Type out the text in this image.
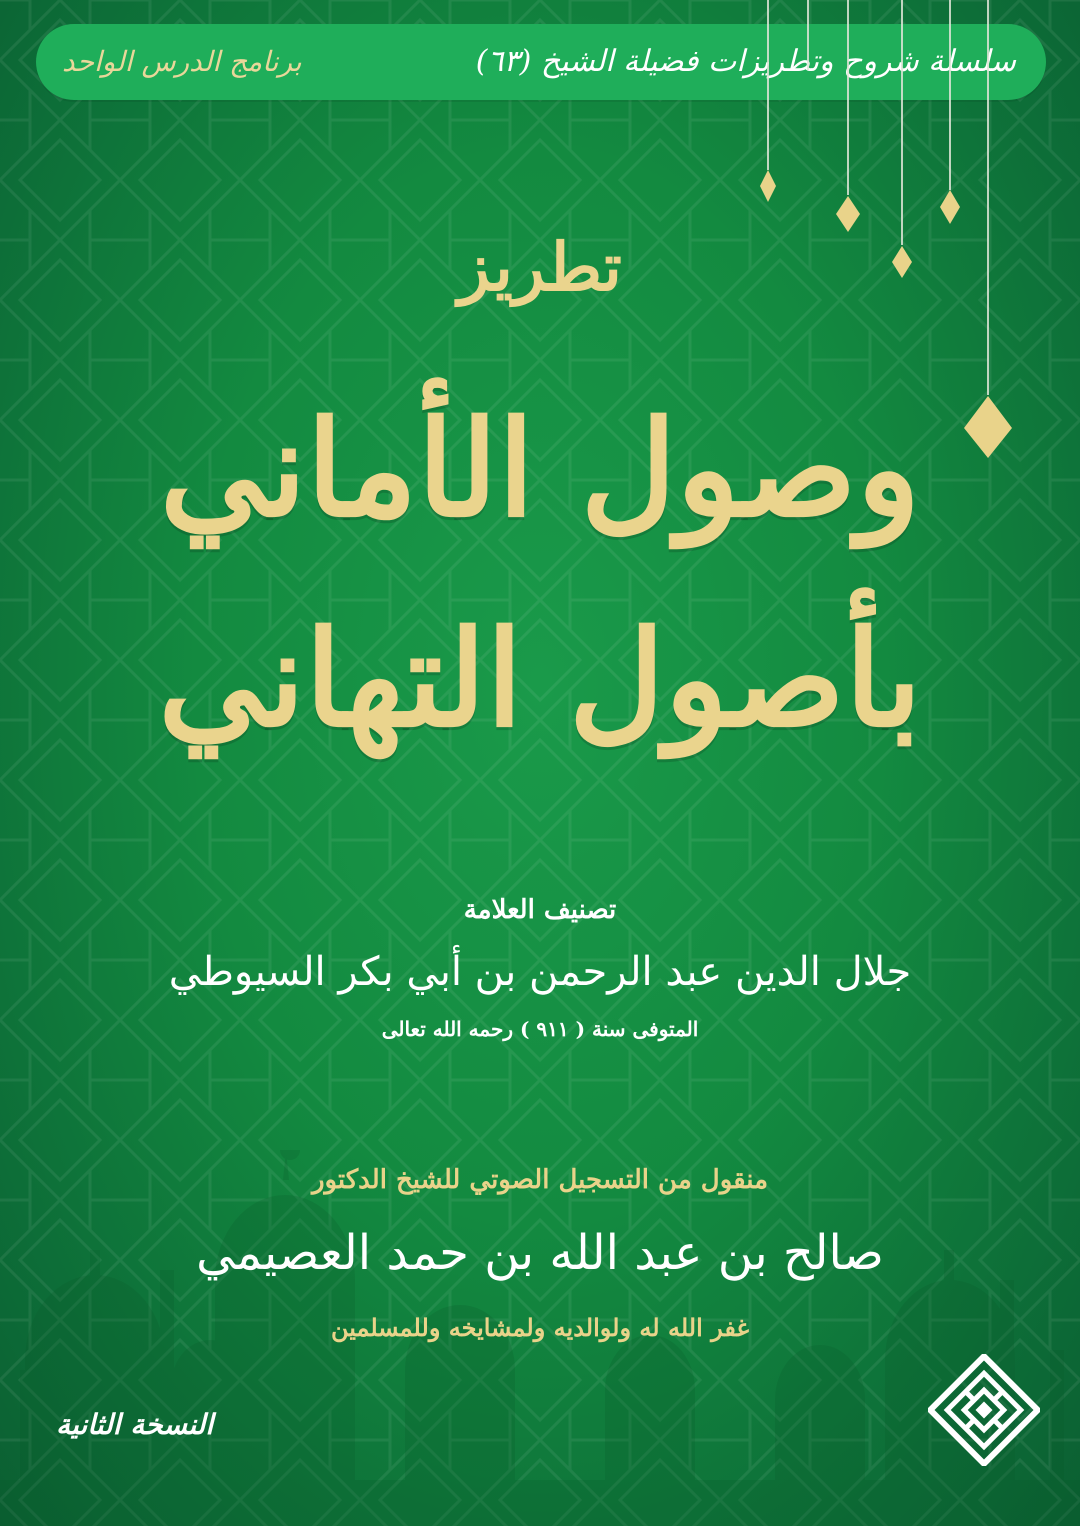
سلسلة شروح وتطريزات فضيلة الشيخ (٦٣)
برنامج الدرس الواحد
تطريز
وصول الأماني
بأصول التهاني
تصنيف العلامة
جلال الدين عبد الرحمن بن أبي بكر السيوطي
المتوفى سنة ( ٩١١ ) رحمه الله تعالى
منقول من التسجيل الصوتي للشيخ الدكتور
صالح بن عبد الله بن حمد العصيمي
غفر الله له ولوالديه ولمشايخه وللمسلمين
النسخة الثانية
